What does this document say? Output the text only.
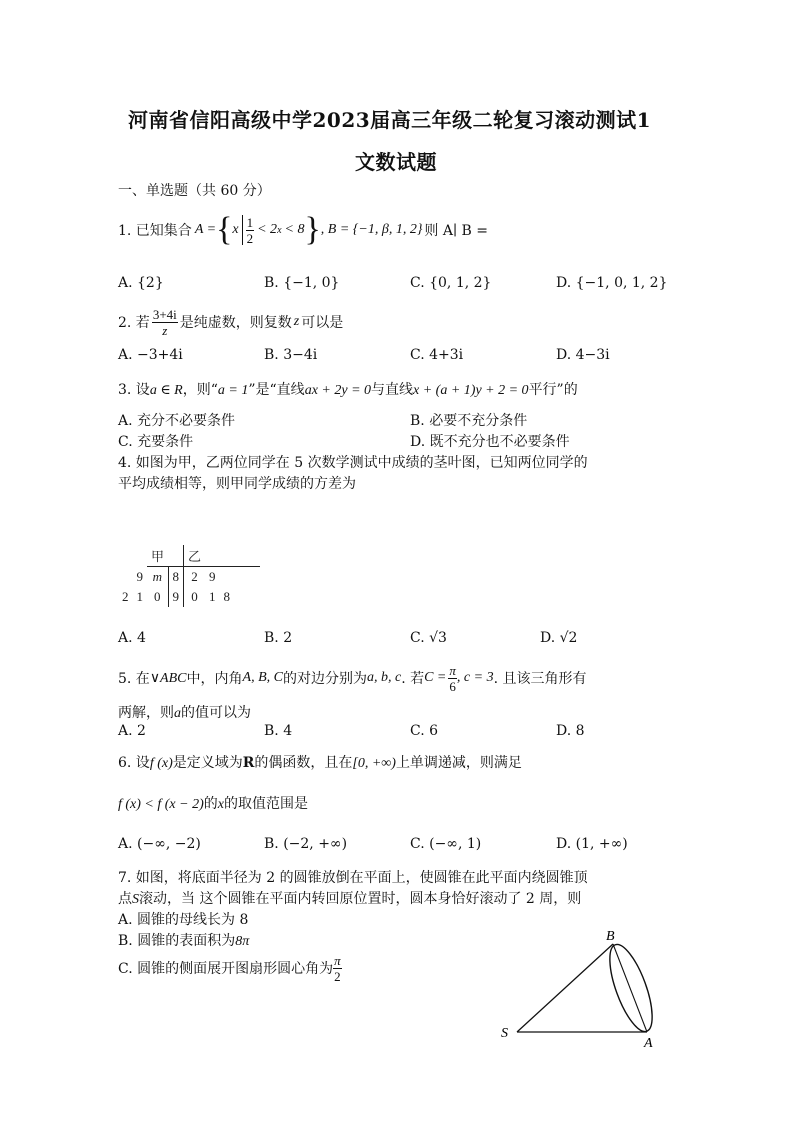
河南省信阳高级中学2023届高三年级二轮复习滚动测试1
文数试题
一、单选题（共 60 分）
1. 已知集合 A = { x $\frac{1}{2} < 2$ x < 8 } , B = {−1, β, 1, 2} 则 A∣ B =
A. {2}	B. {−1, 0}	C. {0, 1, 2}	D. {−1, 0, 1, 2}
2. 若 $\frac{3+4i}{z}$ 是纯虚数，则复数 z 可以是
A. −3+4i	B. 3−4i	C. 4+3i	D. 4−3i
3. 设a ∈ R，则“a = 1”是“直线ax + 2y = 0与直线x + (a + 1)y + 2 = 0平行”的
A. 充分不必要条件	B. 必要不充分条件
C. 充要条件	D. 既不充分也不必要条件
4. 如图为甲，乙两位同学在 5 次数学测试中成绩的茎叶图，已知两位同学的
平均成绩相等，则甲同学成绩的方差为
		甲		乙			
	9	m	8	2	9		
2	1	0	9	0	1	8	
A. 4	B. 2	C. √3	D. √2
5. 在 ∨ABC 中，内角 A, B, C 的对边分别为 a, b, c . 若 $C = \frac{\pi}{6}$ , c = 3 . 且该三角形有
两解，则a的值可以为
A. 2	B. 4	C. 6	D. 8
6. 设f (x)是定义域为R的偶函数，且在[0, +∞)上单调递减，则满足
f (x) < f (x − 2)的x的取值范围是
A. (−∞, −2)	B. (−2, +∞)	C. (−∞, 1)	D. (1, +∞)
7. 如图，将底面半径为 2 的圆锥放倒在平面上，使圆锥在此平面内绕圆锥顶
点S滚动，当 这个圆锥在平面内转回原位置时，圆本身恰好滚动了 2 周，则
A. 圆锥的母线长为 8
B. 圆锥的表面积为8π
C. 圆锥的侧面展开图扇形圆心角为 $\frac{\pi}{2}$
B
S
A
